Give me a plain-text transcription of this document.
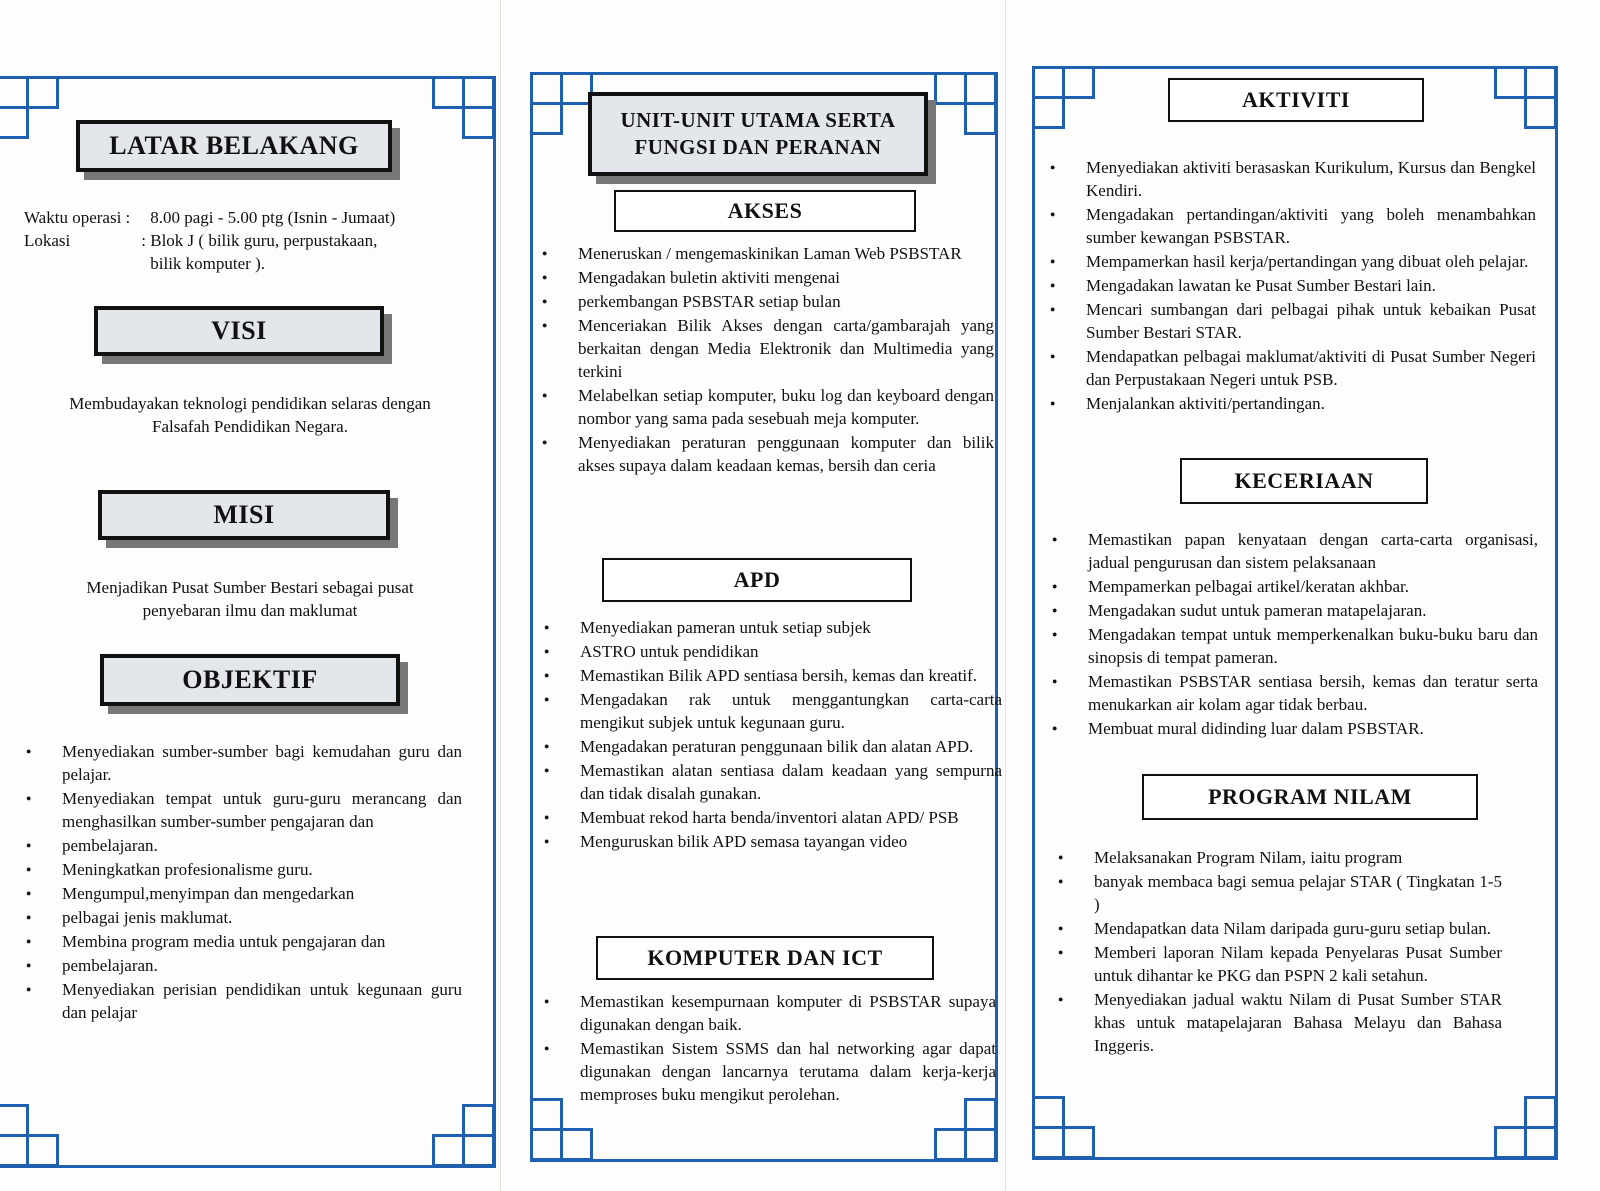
LATAR BELAKANG
Waktu operasi :
	8.00 pagi - 5.00 ptg (Isnin - Jumaat)
Lokasi	:
Blok J ( bilik guru, perpustakaan,

bilik komputer ).
VISI
Membudayakan teknologi pendidikan selaras dengan
Falsafah Pendidikan Negara.
MISI
Menjadikan Pusat Sumber Bestari sebagai pusat
penyebaran ilmu dan maklumat
OBJEKTIF
● Menyediakan sumber-sumber bagi kemudahan guru dan pelajar.
● Menyediakan tempat untuk guru-guru merancang dan menghasilkan sumber-sumber pengajaran dan
● pembelajaran.
● Meningkatkan profesionalisme guru.
● Mengumpul,menyimpan dan mengedarkan
● pelbagai jenis maklumat.
● Membina program media untuk pengajaran dan
● pembelajaran.
● Menyediakan perisian pendidikan untuk kegunaan guru dan pelajar
UNIT-UNIT UTAMA SERTA
FUNGSI DAN PERANAN
AKSES
● Meneruskan / mengemaskinikan Laman Web PSBSTAR
● Mengadakan buletin aktiviti mengenai
● perkembangan PSBSTAR setiap bulan
● Menceriakan Bilik Akses dengan carta/gambarajah yang berkaitan dengan Media Elektronik dan Multimedia yang terkini
● Melabelkan setiap komputer, buku log dan keyboard dengan nombor yang sama pada sesebuah meja komputer.
● Menyediakan peraturan penggunaan komputer dan bilik akses supaya dalam keadaan kemas, bersih dan ceria
APD
● Menyediakan pameran untuk setiap subjek
● ASTRO untuk pendidikan
● Memastikan Bilik APD sentiasa bersih, kemas dan kreatif.
● Mengadakan rak untuk menggantungkan carta-carta mengikut subjek untuk kegunaan guru.
● Mengadakan peraturan penggunaan bilik dan alatan APD.
● Memastikan alatan sentiasa dalam keadaan yang sempurna dan tidak disalah gunakan.
● Membuat rekod harta benda/inventori alatan APD/ PSB
● Menguruskan bilik APD semasa tayangan video
KOMPUTER DAN ICT
● Memastikan kesempurnaan komputer di PSBSTAR supaya digunakan dengan baik.
● Memastikan Sistem SSMS dan hal networking agar dapat digunakan dengan lancarnya terutama dalam kerja-kerja memproses buku mengikut perolehan.
AKTIVITI
● Menyediakan aktiviti berasaskan Kurikulum, Kursus dan Bengkel Kendiri.
● Mengadakan pertandingan/aktiviti yang boleh menambahkan sumber kewangan PSBSTAR.
● Mempamerkan hasil kerja/pertandingan yang dibuat oleh pelajar.
● Mengadakan lawatan ke Pusat Sumber Bestari lain.
● Mencari sumbangan dari pelbagai pihak untuk kebaikan Pusat Sumber Bestari STAR.
● Mendapatkan pelbagai maklumat/aktiviti di Pusat Sumber Negeri dan Perpustakaan Negeri untuk PSB.
● Menjalankan aktiviti/pertandingan.
KECERIAAN
● Memastikan papan kenyataan dengan carta-carta organisasi, jadual pengurusan dan sistem pelaksanaan
● Mempamerkan pelbagai artikel/keratan akhbar.
● Mengadakan sudut untuk pameran matapelajaran.
● Mengadakan tempat untuk memperkenalkan buku-buku baru dan sinopsis di tempat pameran.
● Memastikan PSBSTAR sentiasa bersih, kemas dan teratur serta menukarkan air kolam agar tidak berbau.
● Membuat mural didinding luar dalam PSBSTAR.
PROGRAM NILAM
● Melaksanakan Program Nilam, iaitu program
● banyak membaca bagi semua pelajar STAR ( Tingkatan 1-5 )
● Mendapatkan data Nilam daripada guru-guru setiap bulan.
● Memberi laporan Nilam kepada Penyelaras Pusat Sumber untuk dihantar ke PKG dan PSPN 2 kali setahun.
● Menyediakan jadual waktu Nilam di Pusat Sumber STAR khas untuk matapelajaran Bahasa Melayu dan Bahasa Inggeris.
